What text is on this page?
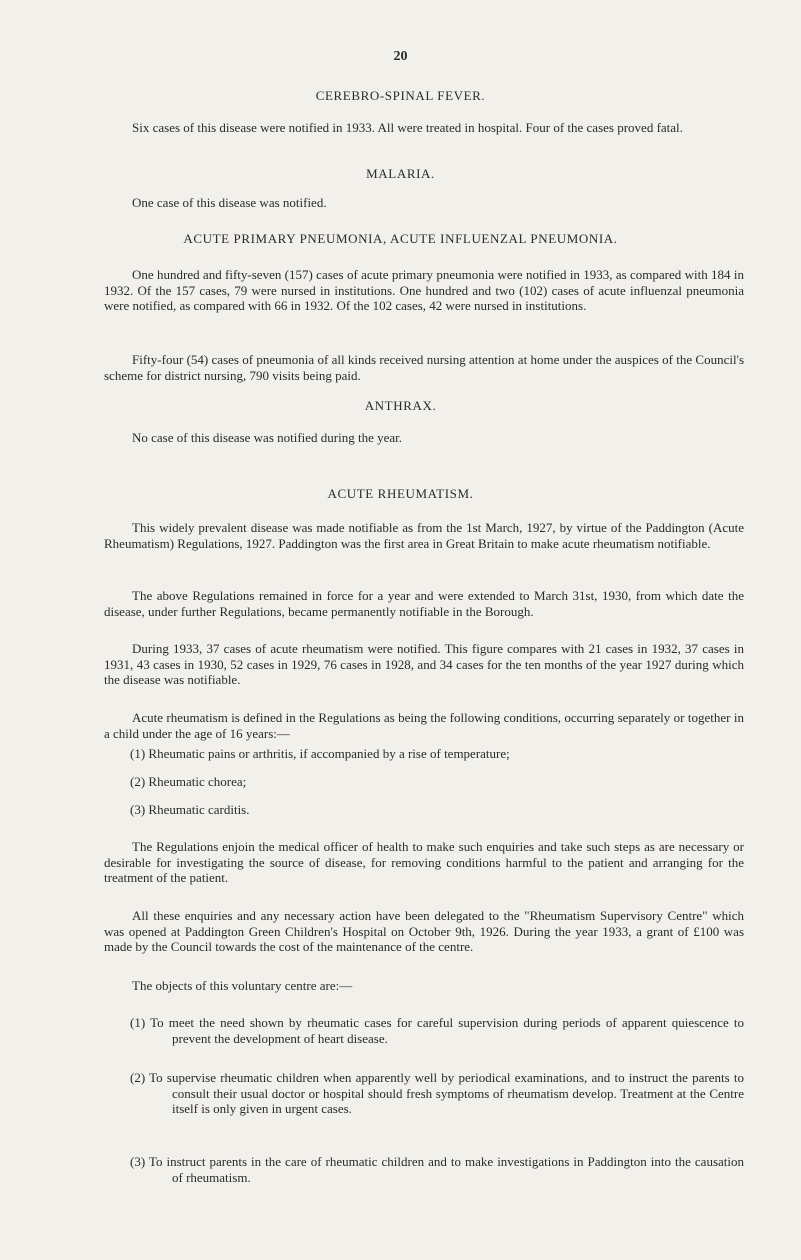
20
CEREBRO-SPINAL FEVER.
Six cases of this disease were notified in 1933. All were treated in hospital. Four of the cases proved fatal.
MALARIA.
One case of this disease was notified.
ACUTE PRIMARY PNEUMONIA, ACUTE INFLUENZAL PNEUMONIA.
One hundred and fifty-seven (157) cases of acute primary pneumonia were notified in 1933, as compared with 184 in 1932. Of the 157 cases, 79 were nursed in institutions. One hundred and two (102) cases of acute influenzal pneumonia were notified, as compared with 66 in 1932. Of the 102 cases, 42 were nursed in institutions.
Fifty-four (54) cases of pneumonia of all kinds received nursing attention at home under the auspices of the Council's scheme for district nursing, 790 visits being paid.
ANTHRAX.
No case of this disease was notified during the year.
ACUTE RHEUMATISM.
This widely prevalent disease was made notifiable as from the 1st March, 1927, by virtue of the Paddington (Acute Rheumatism) Regulations, 1927. Paddington was the first area in Great Britain to make acute rheumatism notifiable.
The above Regulations remained in force for a year and were extended to March 31st, 1930, from which date the disease, under further Regulations, became permanently notifiable in the Borough.
During 1933, 37 cases of acute rheumatism were notified. This figure compares with 21 cases in 1932, 37 cases in 1931, 43 cases in 1930, 52 cases in 1929, 76 cases in 1928, and 34 cases for the ten months of the year 1927 during which the disease was notifiable.
Acute rheumatism is defined in the Regulations as being the following conditions, occurring separately or together in a child under the age of 16 years:—
(1) Rheumatic pains or arthritis, if accompanied by a rise of temperature;
(2) Rheumatic chorea;
(3) Rheumatic carditis.
The Regulations enjoin the medical officer of health to make such enquiries and take such steps as are necessary or desirable for investigating the source of disease, for removing conditions harmful to the patient and arranging for the treatment of the patient.
All these enquiries and any necessary action have been delegated to the "Rheumatism Supervisory Centre" which was opened at Paddington Green Children's Hospital on October 9th, 1926. During the year 1933, a grant of £100 was made by the Council towards the cost of the maintenance of the centre.
The objects of this voluntary centre are:—
(1) To meet the need shown by rheumatic cases for careful supervision during periods of apparent quiescence to prevent the development of heart disease.
(2) To supervise rheumatic children when apparently well by periodical examinations, and to instruct the parents to consult their usual doctor or hospital should fresh symptoms of rheumatism develop. Treatment at the Centre itself is only given in urgent cases.
(3) To instruct parents in the care of rheumatic children and to make investigations in Paddington into the causation of rheumatism.
